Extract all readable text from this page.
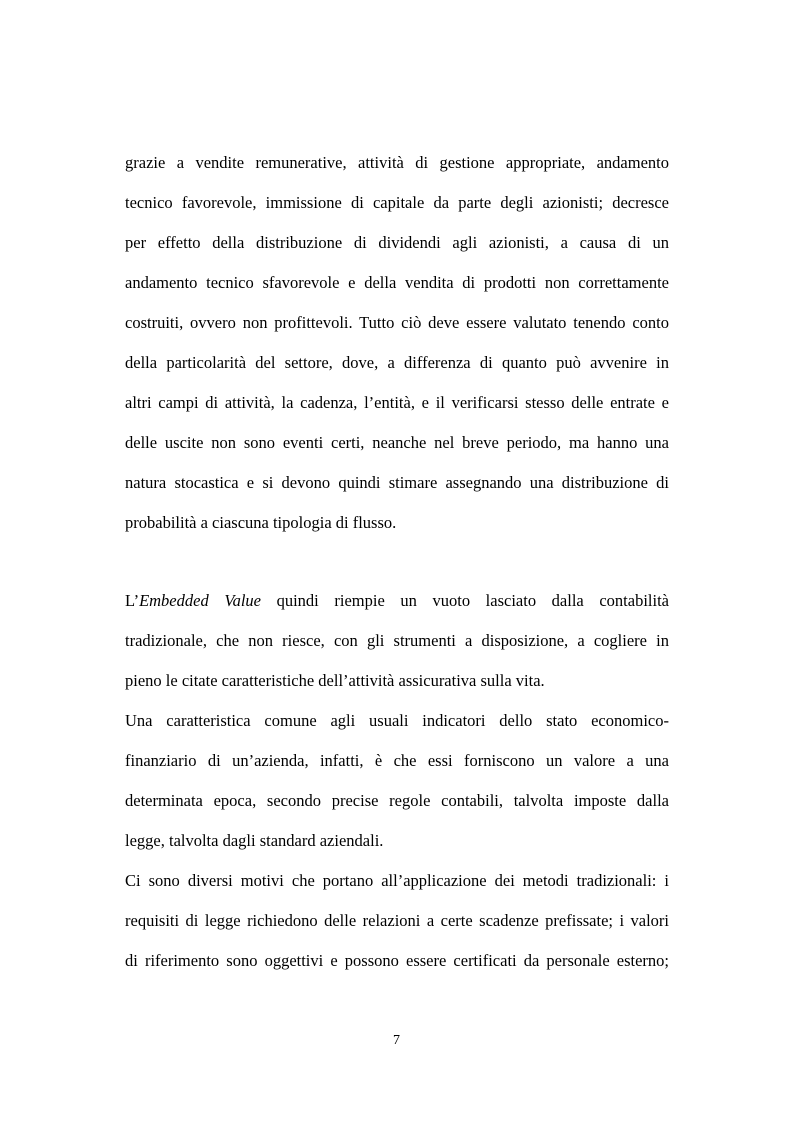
grazie a vendite remunerative, attività di gestione appropriate, andamento
tecnico favorevole, immissione di capitale da parte degli azionisti; decresce
per effetto della distribuzione di dividendi agli azionisti, a causa di un
andamento tecnico sfavorevole e della vendita di prodotti non correttamente
costruiti, ovvero non profittevoli. Tutto ciò deve essere valutato tenendo conto
della particolarità del settore, dove, a differenza di quanto può avvenire in
altri campi di attività, la cadenza, l’entità, e il verificarsi stesso delle entrate e
delle uscite non sono eventi certi, neanche nel breve periodo, ma hanno una
natura stocastica e si devono quindi stimare assegnando una distribuzione di
probabilità a ciascuna tipologia di flusso.
L’Embedded Value quindi riempie un vuoto lasciato dalla contabilità
tradizionale, che non riesce, con gli strumenti a disposizione, a cogliere in
pieno le citate caratteristiche dell’attività assicurativa sulla vita.
Una caratteristica comune agli usuali indicatori dello stato economico-
finanziario di un’azienda, infatti, è che essi forniscono un valore a una
determinata epoca, secondo precise regole contabili, talvolta imposte dalla
legge, talvolta dagli standard aziendali.
Ci sono diversi motivi che portano all’applicazione dei metodi tradizionali: i
requisiti di legge richiedono delle relazioni a certe scadenze prefissate; i valori
di riferimento sono oggettivi e possono essere certificati da personale esterno;
7
